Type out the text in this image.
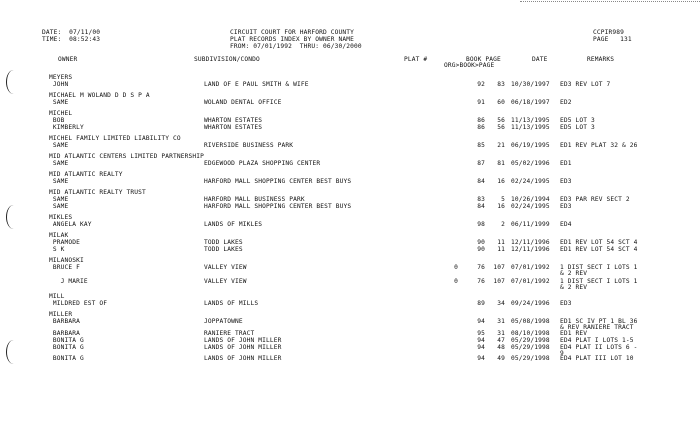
DATE:  07/11/00
TIME:  08:52:43
CIRCUIT COURT FOR HARFORD COUNTY
PLAT RECORDS INDEX BY OWNER NAME
FROM: 07/01/1992  THRU: 06/30/2000
CCPIR989
PAGE   131
OWNER	SUBDIVISION/CONDO	PLAT #	BOOK PAGE
ORG>BOOK>PAGE
DATE	REMARKS
MEYERS
JOHN	LAND OF E PAUL SMITH & WIFE	92 83 10/30/1997 ED3 REV LOT 7
MICHAEL M WOLAND D D S P A
SAME	WOLAND DENTAL OFFICE	91 60 06/18/1997 ED2
MICHEL
BOB	WHARTON ESTATES	86 56 11/13/1995 ED5 LOT 3
KIMBERLY	WHARTON ESTATES	86 56 11/13/1995 ED5 LOT 3
MICHEL FAMILY LIMITED LIABILITY CO
SAME	RIVERSIDE BUSINESS PARK	85 21 06/19/1995 ED1 REV PLAT 32 & 26
MID ATLANTIC CENTERS LIMITED PARTNERSHIP
SAME	EDGEWOOD PLAZA SHOPPING CENTER	87 81 05/02/1996 ED1
MID ATLANTIC REALTY
SAME	HARFORD MALL SHOPPING CENTER BEST BUYS	84 16 02/24/1995 ED3
MID ATLANTIC REALTY TRUST
SAME	HARFORD MALL BUSINESS PARK	83	5 10/26/1994 ED3 PAR REV SECT 2
SAME	HARFORD MALL SHOPPING CENTER BEST BUYS	84 16 02/24/1995 ED3
MIKLES
ANGELA KAY	LANDS OF MIKLES	98	2 06/11/1999 ED4
MILAK
PRAMODE	TODD LAKES	90 11 12/11/1996 ED1 REV LOT 54 SCT 4
S K	TODD LAKES	90 11 12/11/1996 ED1 REV LOT 54 SCT 4
MILANOSKI
BRUCE F	VALLEY VIEW	0	76 107 07/01/1992 1 DIST SECT I LOTS 1
& 2 REV
J MARIE	VALLEY VIEW	0	76 107 07/01/1992 1 DIST SECT I LOTS 1
& 2 REV
MILL
MILDRED EST OF	LANDS OF MILLS	89 34 09/24/1996 ED3
MILLER
BARBARA	JOPPATOWNE	94 31 05/08/1998 ED1 SC IV PT 1 BL 36
& REV RANIERE TRACT
BARBARA	RANIERE TRACT	95 31 08/10/1998 ED1 REV
BONITA G	LANDS OF JOHN MILLER	94 47 05/29/1998 ED4 PLAT I LOTS 1-5
BONITA G	LANDS OF JOHN MILLER	94 48 05/29/1998 ED4 PLAT II LOTS 6 -
9
BONITA G	LANDS OF JOHN MILLER	94 49 05/29/1998 ED4 PLAT III LOT 10
